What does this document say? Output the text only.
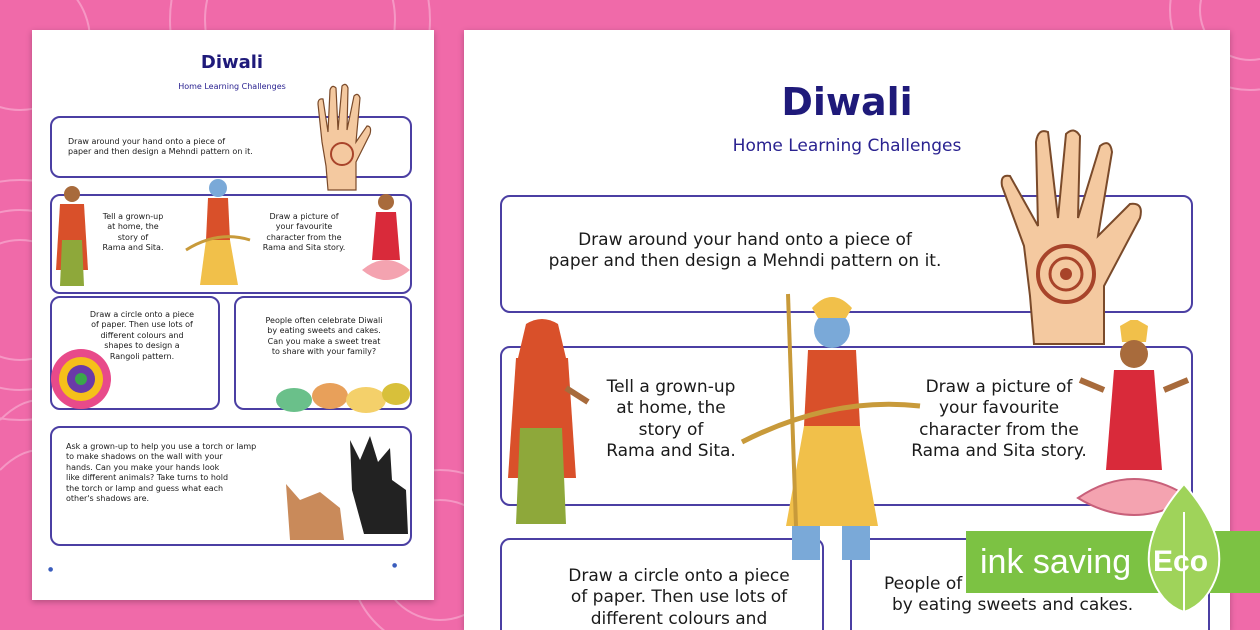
Diwali
Home Learning Challenges
Draw around your hand onto a piece of
paper and then design a Mehndi pattern on it.
Tell a grown-up
at home, the
story of
Rama and Sita.
Draw a picture of
your favourite
character from the
Rama and Sita story.
Draw a circle onto a piece
of paper. Then use lots of
different colours and
shapes to design a
Rangoli pattern.
People often celebrate Diwali
by eating sweets and cakes.
Can you make a sweet treat
to share with your family?
Ask a grown-up to help you use a torch or lamp
to make shadows on the wall with your
hands. Can you make your hands look
like different animals? Take turns to hold
the torch or lamp and guess what each
other's shadows are.
●
●
Diwali
Home Learning Challenges
Draw around your hand onto a piece of
paper and then design a Mehndi pattern on it.
Tell a grown-up
at home, the
story of
Rama and Sita.
Draw a picture of
your favourite
character from the
Rama and Sita story.
Draw a circle onto a piece
of paper. Then use lots of
different colours and
People of
by eating sweets and cakes.
ink saving Eco
